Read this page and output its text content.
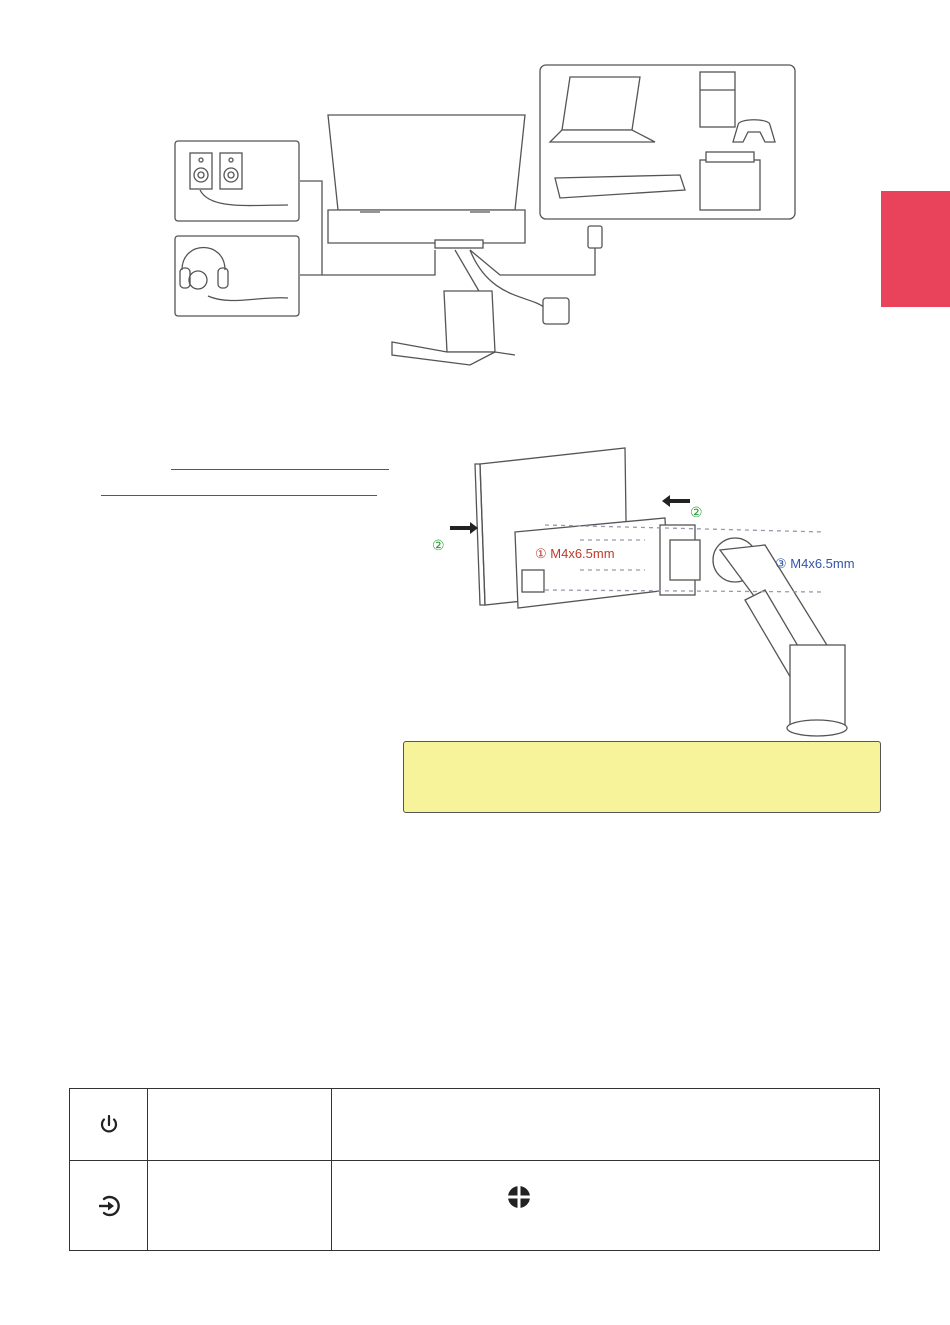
① M4x6.5mm
②
②
③ M4x6.5mm
